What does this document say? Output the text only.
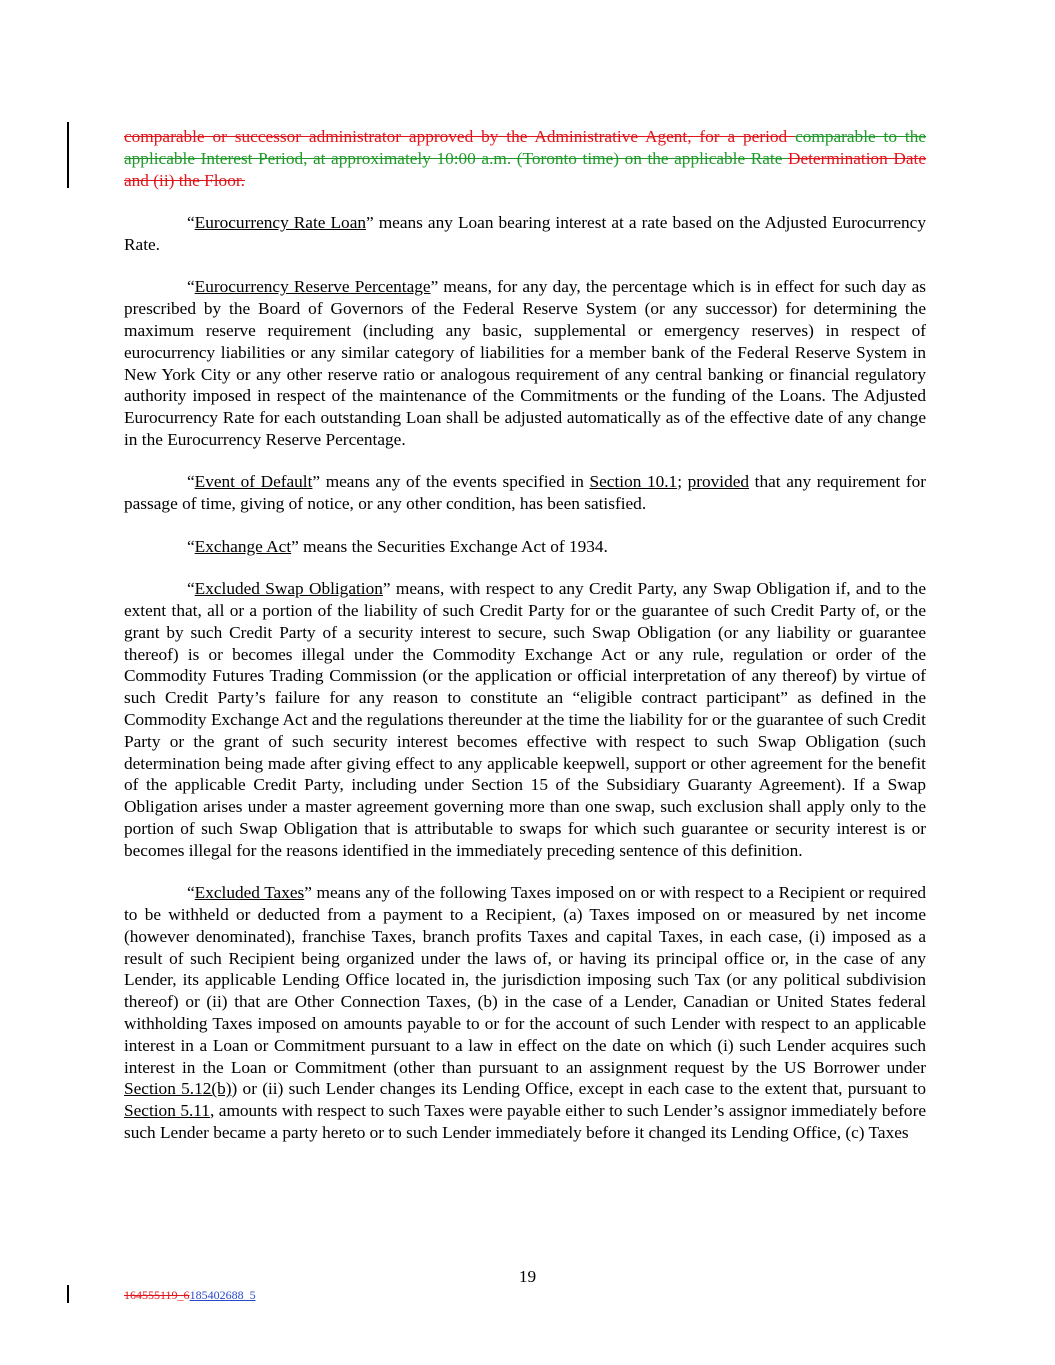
comparable or successor administrator approved by the Administrative Agent, for a period comparable to the applicable Interest Period, at approximately 10:00 a.m. (Toronto time) on the applicable Rate Determination Date and (ii) the Floor.

“Eurocurrency Rate Loan” means any Loan bearing interest at a rate based on the Adjusted Eurocurrency Rate.

“Eurocurrency Reserve Percentage” means, for any day, the percentage which is in effect for such day as prescribed by the Board of Governors of the Federal Reserve System (or any successor) for determining the maximum reserve requirement (including any basic, supplemental or emergency reserves) in respect of eurocurrency liabilities or any similar category of liabilities for a member bank of the Federal Reserve System in New York City or any other reserve ratio or analogous requirement of any central banking or financial regulatory authority imposed in respect of the maintenance of the Commitments or the funding of the Loans. The Adjusted Eurocurrency Rate for each outstanding Loan shall be adjusted automatically as of the effective date of any change in the Eurocurrency Reserve Percentage.

“Event of Default” means any of the events specified in Section 10.1; provided that any requirement for passage of time, giving of notice, or any other condition, has been satisfied.

“Exchange Act” means the Securities Exchange Act of 1934.

“Excluded Swap Obligation” means, with respect to any Credit Party, any Swap Obligation if, and to the extent that, all or a portion of the liability of such Credit Party for or the guarantee of such Credit Party of, or the grant by such Credit Party of a security interest to secure, such Swap Obligation (or any liability or guarantee thereof) is or becomes illegal under the Commodity Exchange Act or any rule, regulation or order of the Commodity Futures Trading Commission (or the application or official interpretation of any thereof) by virtue of such Credit Party’s failure for any reason to constitute an “eligible contract participant” as defined in the Commodity Exchange Act and the regulations thereunder at the time the liability for or the guarantee of such Credit Party or the grant of such security interest becomes effective with respect to such Swap Obligation (such determination being made after giving effect to any applicable keepwell, support or other agreement for the benefit of the applicable Credit Party, including under Section 15 of the Subsidiary Guaranty Agreement). If a Swap Obligation arises under a master agreement governing more than one swap, such exclusion shall apply only to the portion of such Swap Obligation that is attributable to swaps for which such guarantee or security interest is or becomes illegal for the reasons identified in the immediately preceding sentence of this definition.

“Excluded Taxes” means any of the following Taxes imposed on or with respect to a Recipient or required to be withheld or deducted from a payment to a Recipient, (a) Taxes imposed on or measured by net income (however denominated), franchise Taxes, branch profits Taxes and capital Taxes, in each case, (i) imposed as a result of such Recipient being organized under the laws of, or having its principal office or, in the case of any Lender, its applicable Lending Office located in, the jurisdiction imposing such Tax (or any political subdivision thereof) or (ii) that are Other Connection Taxes, (b) in the case of a Lender, Canadian or United States federal withholding Taxes imposed on amounts payable to or for the account of such Lender with respect to an applicable interest in a Loan or Commitment pursuant to a law in effect on the date on which (i) such Lender acquires such interest in the Loan or Commitment (other than pursuant to an assignment request by the US Borrower under Section 5.12(b)) or (ii) such Lender changes its Lending Office, except in each case to the extent that, pursuant to Section 5.11, amounts with respect to such Taxes were payable either to such Lender’s assignor immediately before such Lender became a party hereto or to such Lender immediately before it changed its Lending Office, (c) Taxes

19
164555119_6185402688_5
